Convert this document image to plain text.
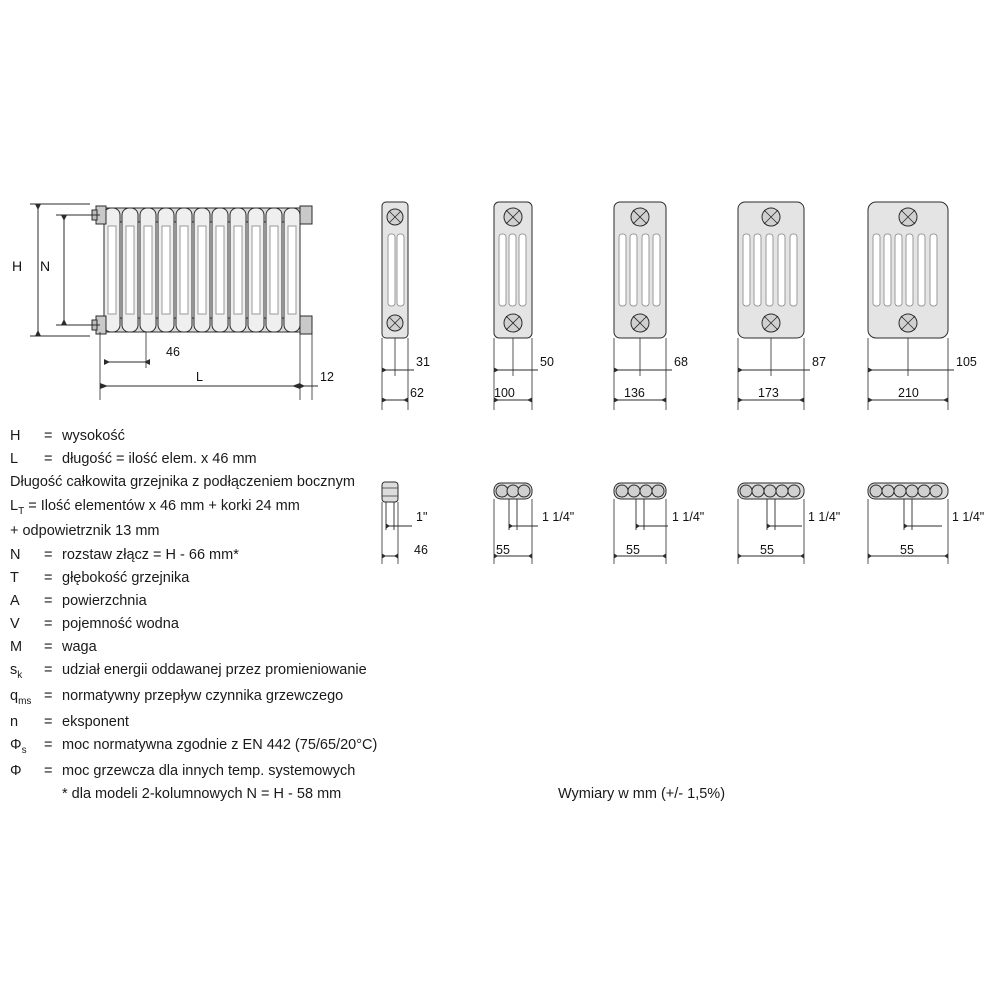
H N
46
L	12
31
62
50
100
68
136
87
173
105
210
1"
46
1 1/4"
55
1 1/4"
55
1 1/4"
55
1 1/4"
55
H	= wysokość
L	= długość = ilość elem. x 46 mm
Długość całkowita grzejnika z podłączeniem bocznym
$L_T$ = Ilość elementów x 46 mm + korki 24 mm
+ odpowietrznik 13 mm
N	= rozstaw złącz = H - 66 mm*
T	= głębokość grzejnika
A	= powierzchnia
V	= pojemność wodna
M	= waga
$s_k$	= udział energii oddawanej przez promieniowanie
$q_{ms}$ = normatywny przepływ czynnika grzewczego
n	= eksponent
$\Phi_s$	= moc normatywna zgodnie z EN 442 (75/65/20°C)
Φ	= moc grzewcza dla innych temp. systemowych
* dla modeli 2-kolumnowych N = H - 58 mm	Wymiary w mm (+/- 1,5%)
